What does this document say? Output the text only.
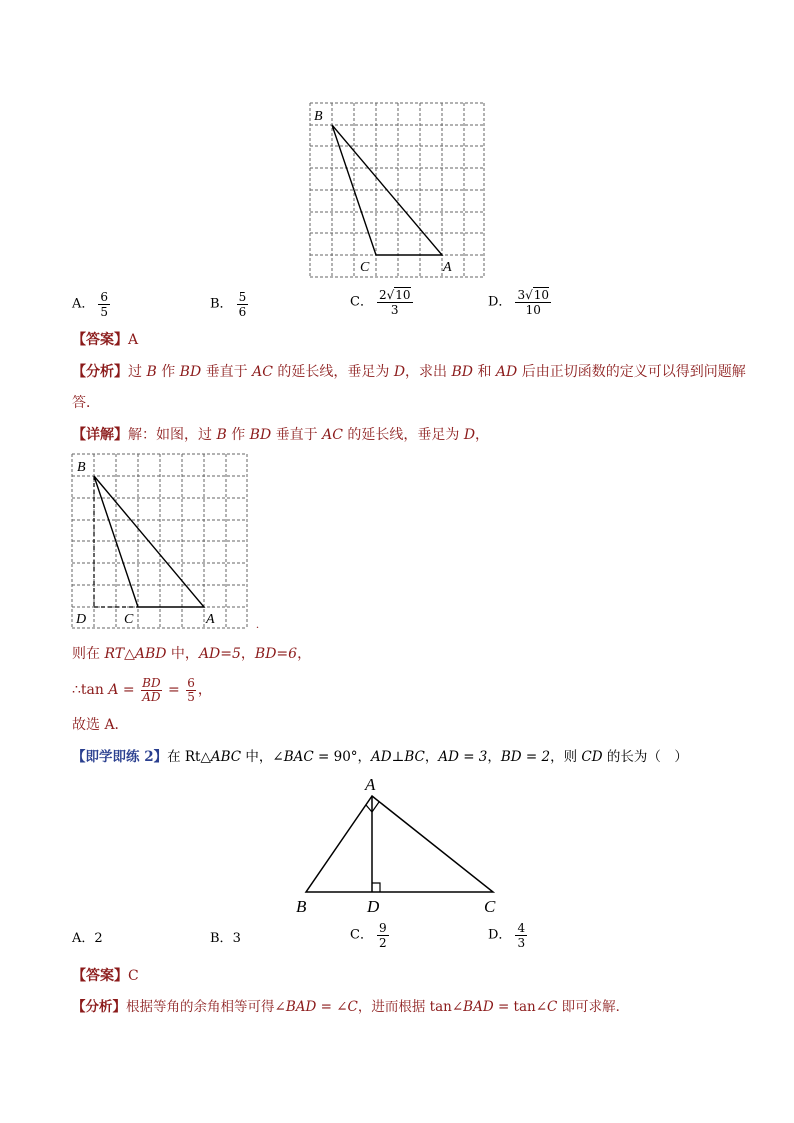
B
C	A
A． $\frac{6}{5}$	B． $\frac{5}{6}$	C． $\frac{2√10}{3}$	D． $\frac{3√10}{10}$
【答案】A
【分析】过 B 作 BD 垂直于 AC 的延长线，垂足为 D，求出 BD 和 AD 后由正切函数的定义可以得到问题解
答．
【详解】解：如图，过 B 作 BD 垂直于 AC 的延长线，垂足为 D，
B
D	C	A	.
则在 RT△ABD 中，AD=5，BD=6，
∴tan $A = \frac{BD}{AD} = \frac{6}{5}$ ，
故选 A．
【即学即练 2】在 Rt△ABC 中，∠BAC = 90°，AD⊥BC，AD = 3，BD = 2，则 CD 的长为（　）
A
B	D	C
A．2	B．3	C． $\frac{9}{2}$	D． $\frac{4}{3}$
【答案】C
【分析】根据等角的余角相等可得∠BAD = ∠C，进而根据 tan∠BAD = tan∠C 即可求解．
